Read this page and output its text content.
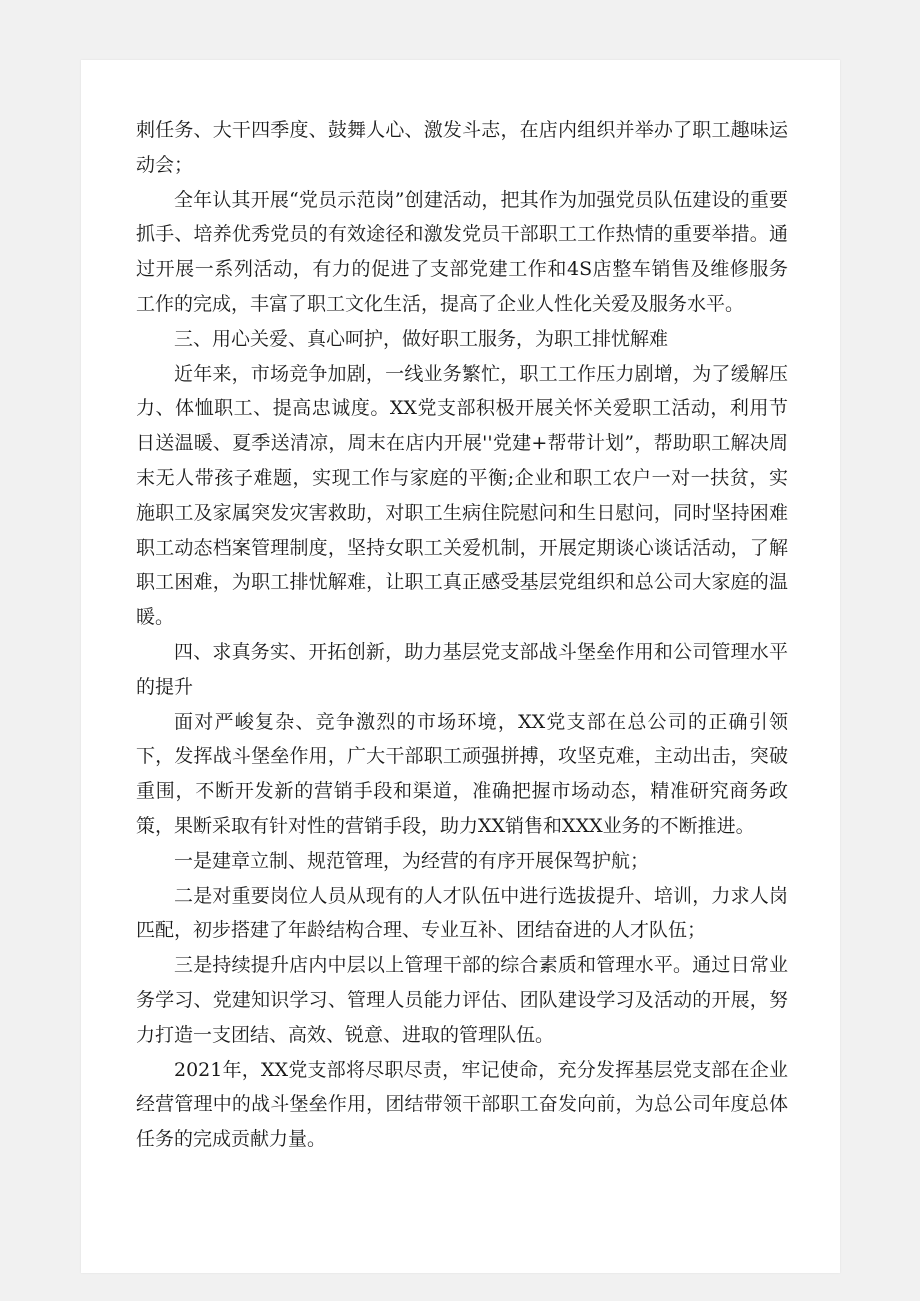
刺任务、大干四季度、鼓舞人心、激发斗志，在店内组织并举办了职工趣味运动会；

全年认其开展“党员示范岗”创建活动，把其作为加强党员队伍建设的重要抓手、培养优秀党员的有效途径和激发党员干部职工工作热情的重要举措。通过开展一系列活动，有力的促进了支部党建工作和4S店整车销售及维修服务工作的完成，丰富了职工文化生活，提高了企业人性化关爱及服务水平。

三、用心关爱、真心呵护，做好职工服务，为职工排忧解难

近年来，市场竞争加剧，一线业务繁忙，职工工作压力剧增，为了缓解压力、体恤职工、提高忠诚度。XX党支部积极开展关怀关爱职工活动，利用节日送温暖、夏季送清凉，周末在店内开展''党建+帮带计划”，帮助职工解决周末无人带孩子难题，实现工作与家庭的平衡;企业和职工农户一对一扶贫，实施职工及家属突发灾害救助，对职工生病住院慰问和生日慰问，同时坚持困难职工动态档案管理制度，坚持女职工关爱机制，开展定期谈心谈话活动，了解职工困难，为职工排忧解难，让职工真正感受基层党组织和总公司大家庭的温暖。

四、求真务实、开拓创新，助力基层党支部战斗堡垒作用和公司管理水平的提升

面对严峻复杂、竞争激烈的市场环境，XX党支部在总公司的正确引领下，发挥战斗堡垒作用，广大干部职工顽强拼搏，攻坚克难，主动出击，突破重围，不断开发新的营销手段和渠道，准确把握市场动态，精准研究商务政策，果断采取有针对性的营销手段，助力XX销售和XXX业务的不断推进。

一是建章立制、规范管理，为经营的有序开展保驾护航；

二是对重要岗位人员从现有的人才队伍中进行选拔提升、培训，力求人岗匹配，初步搭建了年龄结构合理、专业互补、团结奋进的人才队伍；

三是持续提升店内中层以上管理干部的综合素质和管理水平。通过日常业务学习、党建知识学习、管理人员能力评估、团队建设学习及活动的开展，努力打造一支团结、高效、锐意、进取的管理队伍。

2021年，XX党支部将尽职尽责，牢记使命，充分发挥基层党支部在企业经营管理中的战斗堡垒作用，团结带领干部职工奋发向前，为总公司年度总体任务的完成贡献力量。
